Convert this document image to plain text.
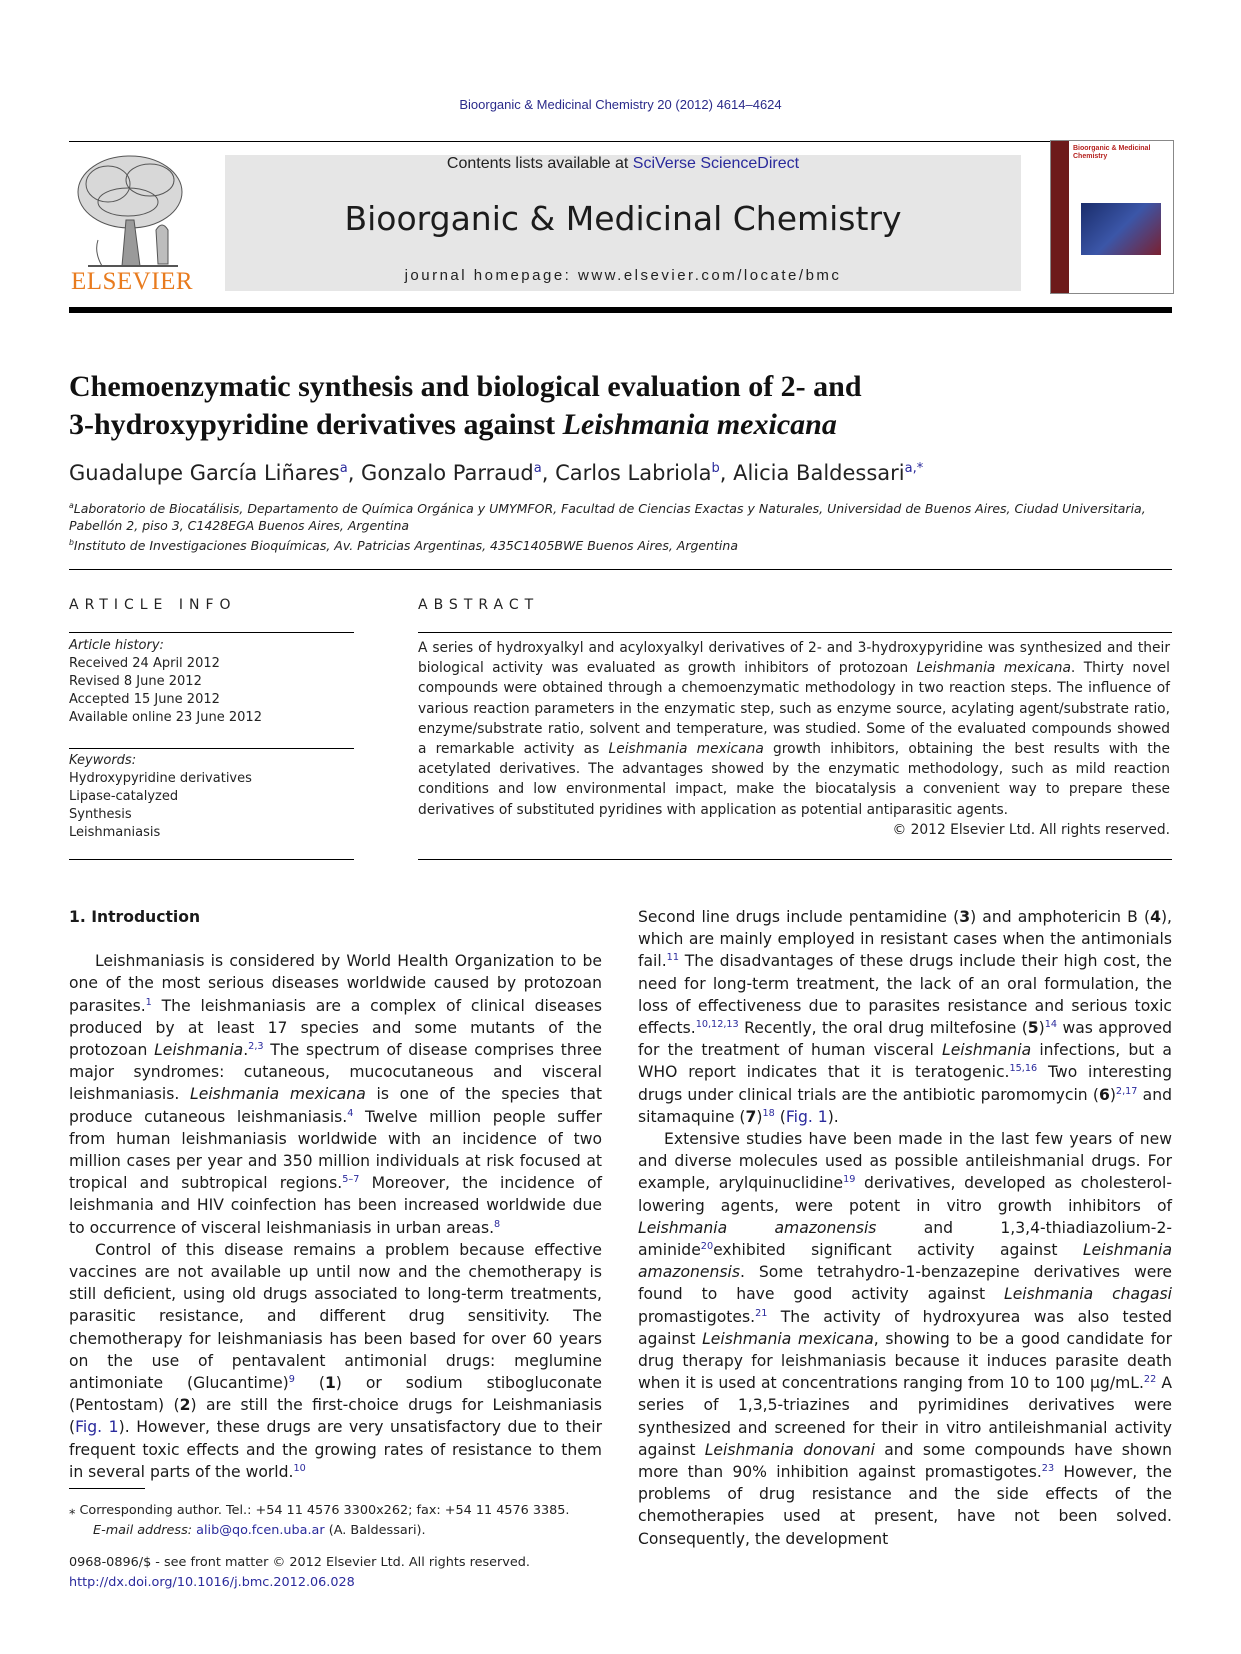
Bioorganic & Medicinal Chemistry 20 (2012) 4614–4624
ELSEVIER
Contents lists available at SciVerse ScienceDirect
Bioorganic & Medicinal Chemistry
journal homepage: www.elsevier.com/locate/bmc
Bioorganic & Medicinal Chemistry
Chemoenzymatic synthesis and biological evaluation of 2- and
3-hydroxypyridine derivatives against Leishmania mexicana
Guadalupe García Liñares$^a$, Gonzalo Parraud$^a$, Carlos Labriola$^b$, Alicia Baldessari$^{a,*}$
$^a$Laboratorio de Biocatálisis, Departamento de Química Orgánica y UMYMFOR, Facultad de Ciencias Exactas y Naturales, Universidad de Buenos Aires, Ciudad Universitaria,
Pabellón 2, piso 3, C1428EGA Buenos Aires, Argentina
$^b$Instituto de Investigaciones Bioquímicas, Av. Patricias Argentinas, 435C1405BWE Buenos Aires, Argentina
ARTICLE INFO
Article history:
Received 24 April 2012
Revised 8 June 2012
Accepted 15 June 2012
Available online 23 June 2012
Keywords:
Hydroxypyridine derivatives
Lipase-catalyzed
Synthesis
Leishmaniasis
ABSTRACT
A series of hydroxyalkyl and acyloxyalkyl derivatives of 2- and 3-hydroxypyridine was synthesized and their biological activity was evaluated as growth inhibitors of protozoan Leishmania mexicana. Thirty novel compounds were obtained through a chemoenzymatic methodology in two reaction steps. The influence of various reaction parameters in the enzymatic step, such as enzyme source, acylating agent/substrate ratio, enzyme/substrate ratio, solvent and temperature, was studied. Some of the evaluated compounds showed a remarkable activity as Leishmania mexicana growth inhibitors, obtaining the best results with the acetylated derivatives. The advantages showed by the enzymatic methodology, such as mild reaction conditions and low environmental impact, make the biocatalysis a convenient way to prepare these derivatives of substituted pyridines with application as potential antiparasitic agents.
© 2012 Elsevier Ltd. All rights reserved.
1. Introduction

Leishmaniasis is considered by World Health Organization to be one of the most serious diseases worldwide caused by protozoan parasites.$^1$ The leishmaniasis are a complex of clinical diseases produced by at least 17 species and some mutants of the protozoan Leishmania.$^{2,3}$ The spectrum of disease comprises three major syndromes: cutaneous, mucocutaneous and visceral leishmaniasis. Leishmania mexicana is one of the species that produce cutaneous leishmaniasis.$^4$ Twelve million people suffer from human leishmaniasis worldwide with an incidence of two million cases per year and 350 million individuals at risk focused at tropical and subtropical regions.$^{5-7}$ Moreover, the incidence of leishmania and HIV coinfection has been increased worldwide due to occurrence of visceral leishmaniasis in urban areas.$^8$

Control of this disease remains a problem because effective vaccines are not available up until now and the chemotherapy is still deficient, using old drugs associated to long-term treatments, parasitic resistance, and different drug sensitivity. The chemotherapy for leishmaniasis has been based for over 60 years on the use of pentavalent antimonial drugs: meglumine antimoniate (Glucantime)$^9$ (1) or sodium stibogluconate (Pentostam) (2) are still the first-choice drugs for Leishmaniasis (Fig. 1). However, these drugs are very unsatisfactory due to their frequent toxic effects and the growing rates of resistance to them in several parts of the world.$^{10}$

⁎ Corresponding author. Tel.: +54 11 4576 3300x262; fax: +54 11 4576 3385.
E-mail address: alib@qo.fcen.uba.ar (A. Baldessari).
0968-0896/$ - see front matter © 2012 Elsevier Ltd. All rights reserved.
http://dx.doi.org/10.1016/j.bmc.2012.06.028

Second line drugs include pentamidine (3) and amphotericin B (4), which are mainly employed in resistant cases when the antimonials fail.$^{11}$ The disadvantages of these drugs include their high cost, the need for long-term treatment, the lack of an oral formulation, the loss of effectiveness due to parasites resistance and serious toxic effects.$^{10,12,13}$ Recently, the oral drug miltefosine $(5)^{14}$ was approved for the treatment of human visceral Leishmania infections, but a WHO report indicates that it is teratogenic.$^{15,16}$ Two interesting drugs under clinical trials are the antibiotic paromomycin $(6)^{2,17}$ and sitamaquine $(7)^{18}$ (Fig. 1).

Extensive studies have been made in the last few years of new and diverse molecules used as possible antileishmanial drugs. For example, arylquinuclidine$^{19}$ derivatives, developed as cholesterol-lowering agents, were potent in vitro growth inhibitors of Leishmania amazonensis and 1,3,4-thiadiazolium-2-aminide$^{20}$exhibited significant activity against Leishmania amazonensis. Some tetrahydro-1-benzazepine derivatives were found to have good activity against Leishmania chagasi promastigotes.$^{21}$ The activity of hydroxyurea was also tested against Leishmania mexicana, showing to be a good candidate for drug therapy for leishmaniasis because it induces parasite death when it is used at concentrations ranging from 10 to 100 μg/mL.$^{22}$ A series of 1,3,5-triazines and pyrimidines derivatives were synthesized and screened for their in vitro antileishmanial activity against Leishmania donovani and some compounds have shown more than 90% inhibition against promastigotes.$^{23}$ However, the problems of drug resistance and the side effects of the chemotherapies used at present, have not been solved. Consequently, the development
